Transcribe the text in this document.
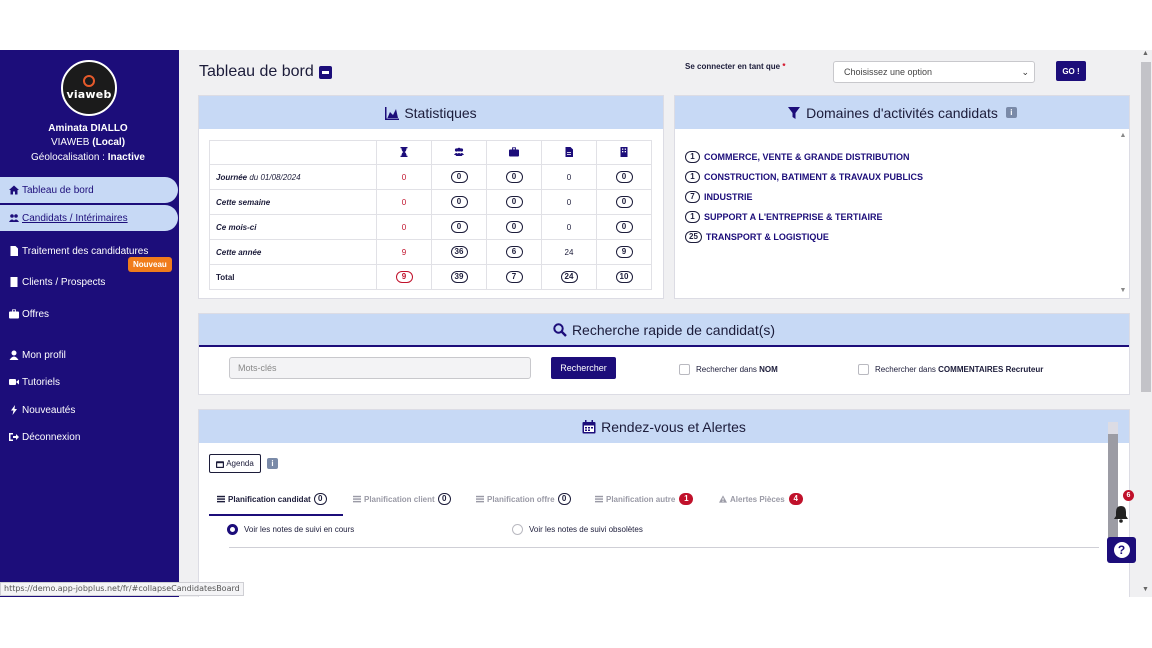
viaweb
Aminata DIALLO
VIAWEB (Local)
Géolocalisation : Inactive
Tableau de bord
Candidats / Intérimaires
Traitement des candidatures
Nouveau
Clients / Prospects
Offres
Mon profil
Tutoriels
Nouveautés
Déconnexion
Tableau de bord	Se connecter en tant que *
Choisissez une option	⌄	GO !
Statistiques

Journée du 01/08/2024	0	0	0	0	0
Cette semaine	0	0	0	0	0
Ce mois-ci	0	0	0	0	0
Cette année	9	36	6	24	9
Total	9	39	7	24	10
Domaines d'activités candidats	i
1	COMMERCE, VENTE & GRANDE DISTRIBUTION
1	CONSTRUCTION, BATIMENT & TRAVAUX PUBLICS
7	INDUSTRIE
1	SUPPORT A L'ENTREPRISE & TERTIAIRE
25 TRANSPORT & LOGISTIQUE
▲
▼
Recherche rapide de candidat(s)
Mots-clés	Rechercher	Rechercher dans
NOM	Rechercher dans
COMMENTAIRES Recruteur
Rendez-vous et Alertes
Agenda	i
Planification candidat 0	Planification client 0	Planification offre 0	Planification autre	1	Alertes Pièces	4
Voir les notes de suivi en cours	Voir les notes de suivi obsolètes
6
?
▲
▼
https://demo.app-jobplus.net/fr/#collapseCandidatesBoard
